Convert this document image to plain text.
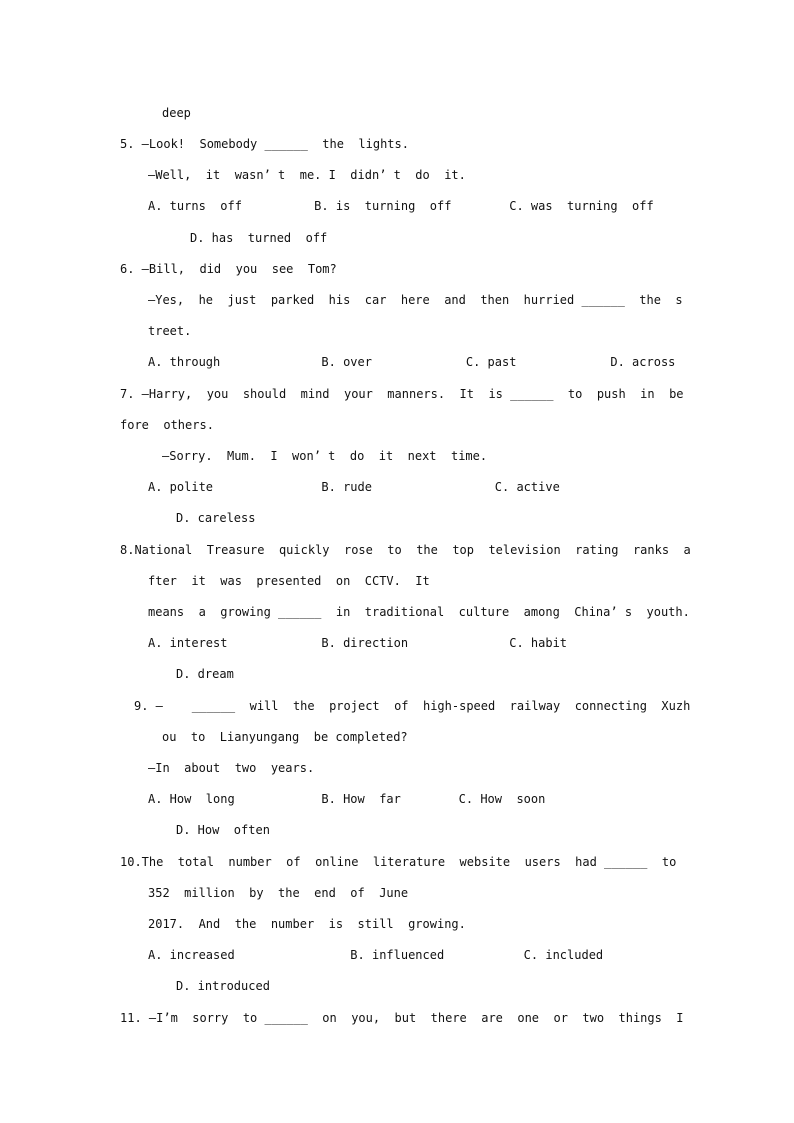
deep
5. —Look!  Somebody ______  the  lights.
—Well,  it  wasn’ t  me. I  didn’ t  do  it.
A. turns  off          B. is  turning  off        C. was  turning  off
D. has  turned  off
6. —Bill,  did  you  see  Tom?
—Yes,  he  just  parked  his  car  here  and  then  hurried ______  the  s
treet.
A. through              B. over             C. past             D. across
7. —Harry,  you  should  mind  your  manners.  It  is ______  to  push  in  be
fore  others.
—Sorry.  Mum.  I  won’ t  do  it  next  time.
A. polite               B. rude                 C. active
D. careless
8.National  Treasure  quickly  rose  to  the  top  television  rating  ranks  a
fter  it  was  presented  on  CCTV.  It
means  a  growing ______  in  traditional  culture  among  China’ s  youth.
A. interest             B. direction              C. habit
D. dream
9. —    ______  will  the  project  of  high-speed  railway  connecting  Xuzh
ou  to  Lianyungang  be completed?
—In  about  two  years.
A. How  long            B. How  far        C. How  soon
D. How  often
10.The  total  number  of  online  literature  website  users  had ______  to
352  million  by  the  end  of  June
2017.  And  the  number  is  still  growing.
A. increased                B. influenced           C. included
D. introduced
11. —I’m  sorry  to ______  on  you,  but  there  are  one  or  two  things  I
